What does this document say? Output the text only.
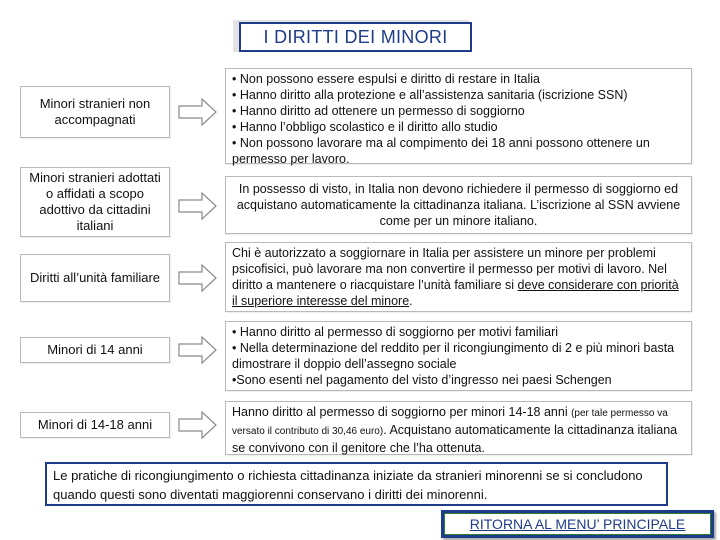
I DIRITTI DEI MINORI
Minori stranieri non accompagnati

• Non possono essere espulsi e diritto di restare in Italia

• Hanno diritto alla protezione e all’assistenza sanitaria (iscrizione SSN)

• Hanno diritto ad ottenere un permesso di soggiorno

• Hanno l’obbligo scolastico e il diritto allo studio

• Non possono lavorare ma al compimento dei 18 anni possono ottenere un permesso per lavoro.

Minori stranieri adottati o affidati a scopo adottivo da cittadini italiani

In possesso di visto, in Italia non devono richiedere il permesso di soggiorno ed acquistano automaticamente la cittadinanza italiana. L’iscrizione al SSN avviene come per un minore italiano.

Diritti all’unità familiare

Chi è autorizzato a soggiornare in Italia per assistere un minore per problemi psicofisici, può lavorare ma non convertire il permesso per motivi di lavoro. Nel diritto a mantenere o riacquistare l’unità familiare si deve considerare con priorità il superiore interesse del minore.

Minori di 14 anni

• Hanno diritto al permesso di soggiorno per motivi familiari

• Nella determinazione del reddito per il ricongiungimento di 2 e più minori basta dimostrare il doppio dell’assegno sociale

•Sono esenti nel pagamento del visto d’ingresso nei paesi Schengen

Minori di 14-18 anni

Hanno diritto al permesso di soggiorno per minori 14-18 anni (per tale permesso va versato il contributo di 30,46 euro). Acquistano automaticamente la cittadinanza italiana se convivono con il genitore che l’ha ottenuta.

Le pratiche di ricongiungimento o richiesta cittadinanza iniziate da stranieri minorenni se si concludono quando questi sono diventati maggiorenni conservano i diritti dei minorenni.
RITORNA AL MENU’ PRINCIPALE
